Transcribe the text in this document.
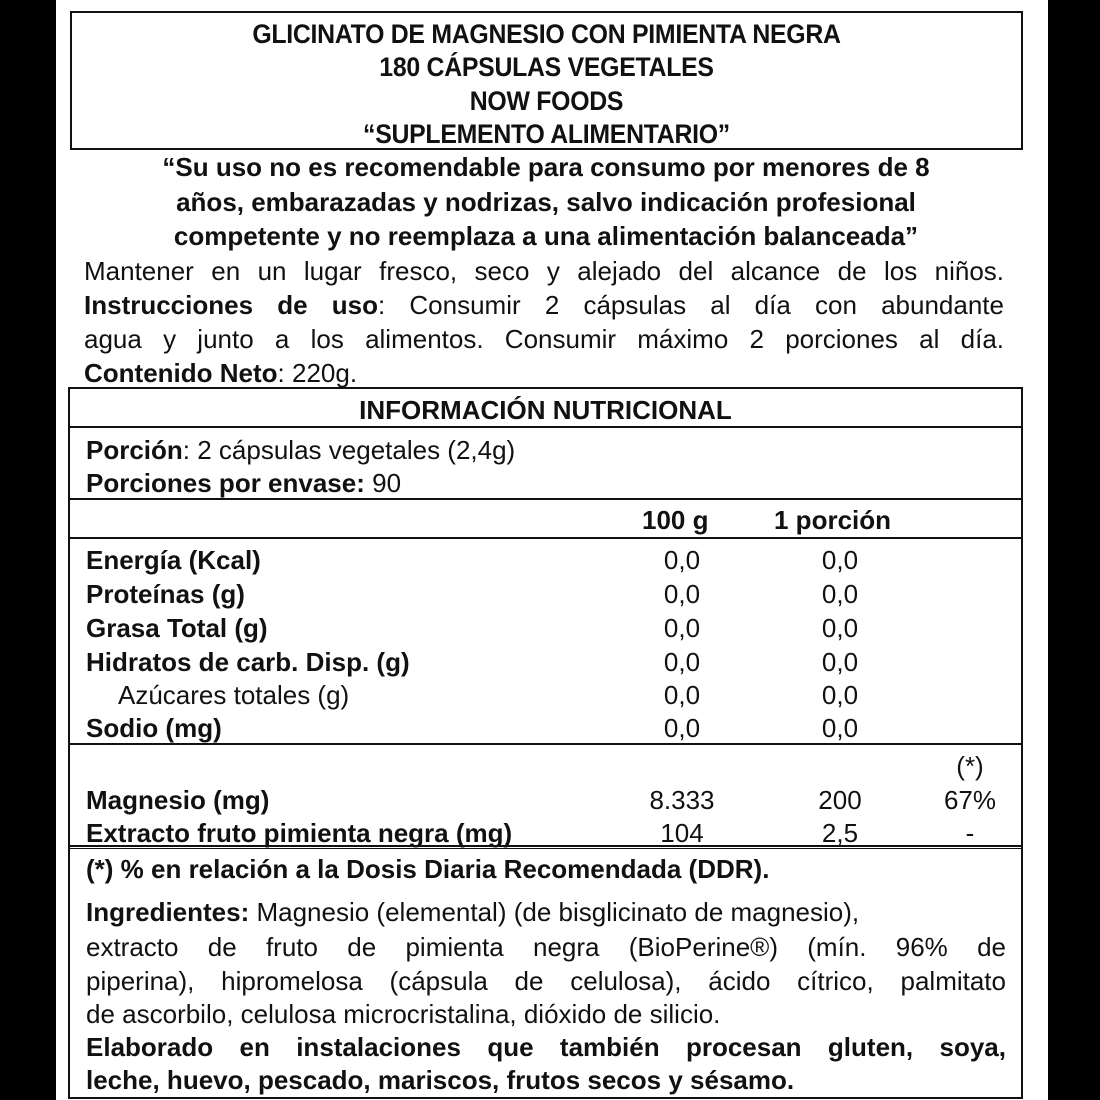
GLICINATO DE MAGNESIO CON PIMIENTA NEGRA
180 CÁPSULAS VEGETALES
NOW FOODS
“SUPLEMENTO ALIMENTARIO”
“Su uso no es recomendable para consumo por menores de 8
años, embarazadas y nodrizas, salvo indicación profesional
competente y no reemplaza a una alimentación balanceada”
Mantener en un lugar fresco, seco y alejado del alcance de los niños.
Instrucciones de uso: Consumir 2 cápsulas al día con abundante
agua y junto a los alimentos. Consumir máximo 2 porciones al día.
Contenido Neto: 220g.
INFORMACIÓN NUTRICIONAL
Porción: 2 cápsulas vegetales (2,4g)
Porciones por envase: 90
100 g	1 porción
Energía (Kcal)	0,0	0,0
Proteínas (g)	0,0	0,0
Grasa Total (g)	0,0	0,0
Hidratos de carb. Disp. (g)	0,0	0,0
Azúcares totales (g)	0,0	0,0
Sodio (mg)	0,0	0,0
(*)
Magnesio (mg)	8.333	200	67%
Extracto fruto pimienta negra (mg)	104	2,5	-
(*) % en relación a la Dosis Diaria Recomendada (DDR).
Ingredientes: Magnesio (elemental) (de bisglicinato de magnesio),
extracto de fruto de pimienta negra (BioPerine®) (mín. 96% de
piperina), hipromelosa (cápsula de celulosa), ácido cítrico, palmitato
de ascorbilo, celulosa microcristalina, dióxido de silicio.
Elaborado en instalaciones que también procesan gluten, soya,
leche, huevo, pescado, mariscos, frutos secos y sésamo.
